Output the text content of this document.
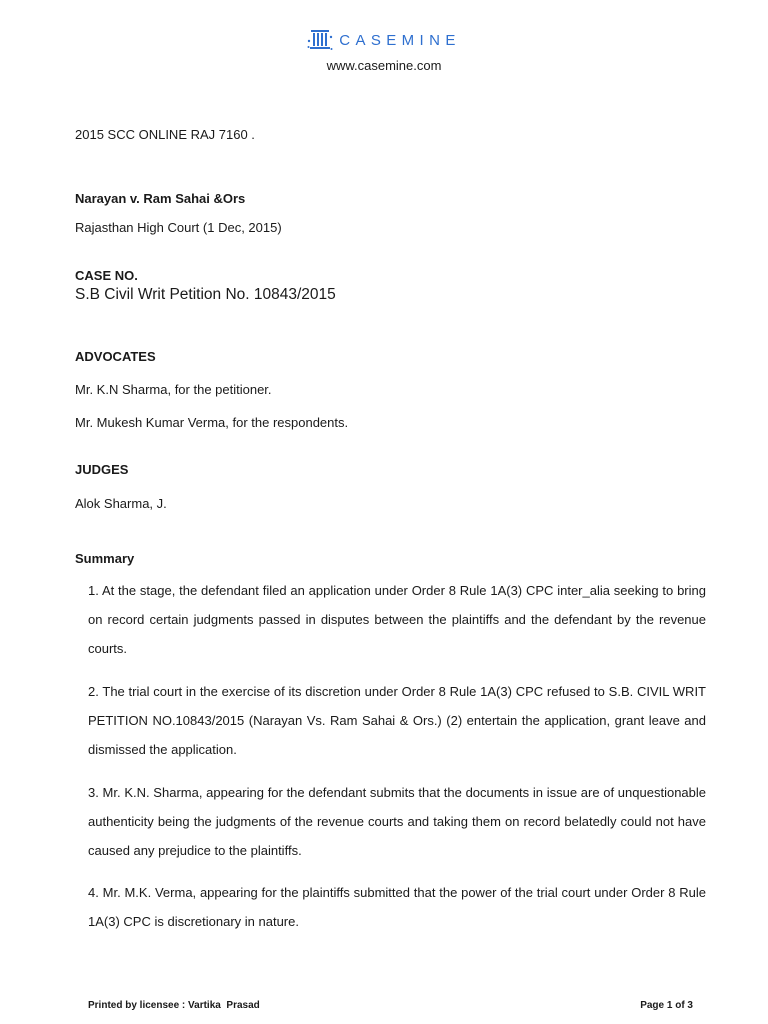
CASEMINE
www.casemine.com
2015 SCC ONLINE RAJ 7160 .
Narayan v. Ram Sahai &Ors
Rajasthan High Court (1 Dec, 2015)
CASE NO.
S.B Civil Writ Petition No. 10843/2015
ADVOCATES
Mr. K.N Sharma, for the petitioner.
Mr. Mukesh Kumar Verma, for the respondents.
JUDGES
Alok Sharma, J.
Summary

1. At the stage, the defendant filed an application under Order 8 Rule 1A(3) CPC inter_alia seeking to bring on record certain judgments passed in disputes between the plaintiffs and the defendant by the revenue courts.

2. The trial court in the exercise of its discretion under Order 8 Rule 1A(3) CPC refused to S.B. CIVIL WRIT PETITION NO.10843/2015 (Narayan Vs. Ram Sahai & Ors.) (2) entertain the application, grant leave and dismissed the application.

3. Mr. K.N. Sharma, appearing for the defendant submits that the documents in issue are of unquestionable authenticity being the judgments of the revenue courts and taking them on record belatedly could not have caused any prejudice to the plaintiffs.

4. Mr. M.K. Verma, appearing for the plaintiffs submitted that the power of the trial court under Order 8 Rule 1A(3) CPC is discretionary in nature.

Printed by licensee : Vartika  Prasad	Page 1 of 3
